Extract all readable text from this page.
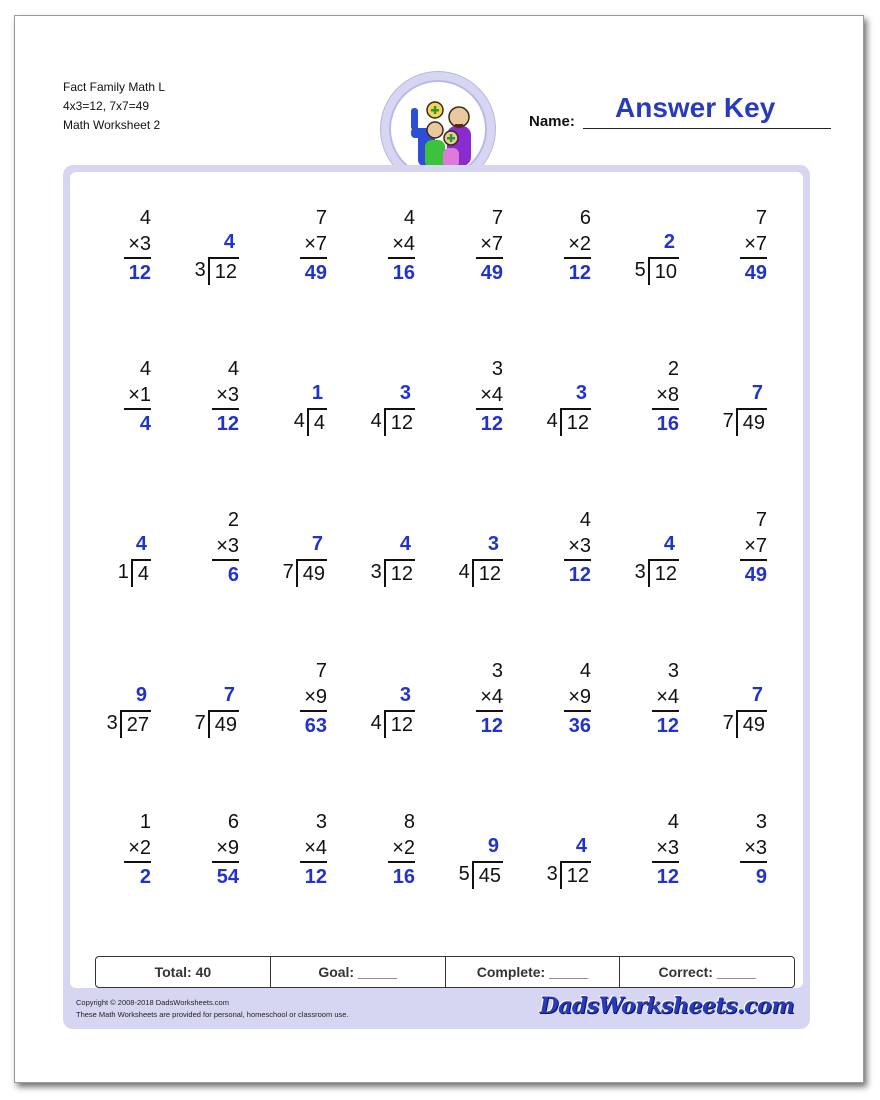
Fact Family Math L
4x3=12, 7x7=49
Math Worksheet 2	Name: Answer Key
4
×3
12
4
3 12
7
×7
49
4
×4
16
7
×7
49
6
×2
12
2
5 10
7
×7
49
4
×1
4
4
×3
12
1
4 4
3
4 12
3
×4
12
3
4 12
2
×8
16
7
7 49
4
1 4
2
×3
6
7
7 49
4
3 12
3
4 12
4
×3
12
4
3 12
7
×7
49
9
3 27
7
7 49
7
×9
63
3
4 12
3
×4
12
4
×9
36
3
×4
12
7
7 49
1
×2
2
6
×9
54
3
×4
12
8
×2
16
9
5 45
4
3 12
4
×3
12
3
×3
9
Total: 40	Goal: _____	Complete: _____	Correct: _____
Copyright © 2008-2018 DadsWorksheets.com
These Math Worksheets are provided for personal, homeschool or classroom use.	DadsWorksheets.com
